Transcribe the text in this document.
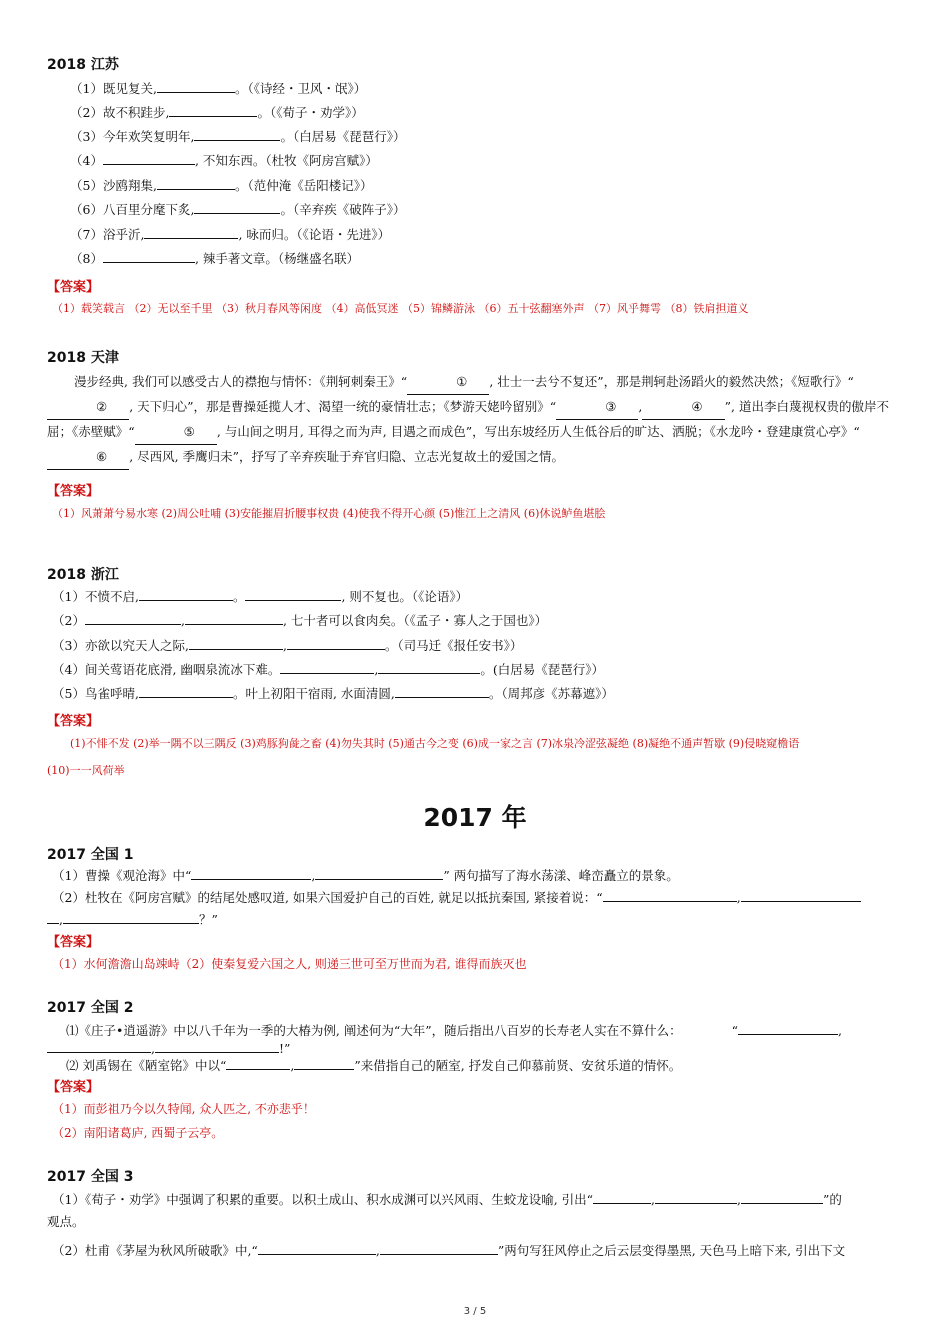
2018 江苏
（1）既见复关,	。（《诗经・卫风・氓》）
（2）故不积跬步,	。（《荀子・劝学》）
（3）今年欢笑复明年,	。（白居易《琵琶行》）
（4）	, 不知东西。（杜牧《阿房宫赋》）
（5）沙鸥翔集,	。（范仲淹《岳阳楼记》）
（6）八百里分麾下炙,	。（辛弃疾《破阵子》）
（7）浴乎沂,	, 咏而归。（《论语・先进》）
（8）	, 辣手著文章。（杨继盛名联）
【答案】
（1）载笑载言 （2）无以至千里 （3）秋月春风等闲度 （4）高低冥迷 （5）锦鳞游泳 （6）五十弦翻塞外声 （7）风乎舞雩 （8）铁肩担道义
2018 天津
漫步经典, 我们可以感受古人的襟抱与情怀：《荆轲刺秦王》“	① , 壮士一去兮不复还”，那是荆轲赴汤蹈火的毅然决然；《短歌行》“② , 天下归心”，那是曹操延揽人才、渴望一统的豪情壮志；《梦游天姥吟留别》“	③ ,	④ ”, 道出李白蔑视权贵的傲岸不屈；《赤壁赋》“	⑤ , 与山间之明月, 耳得之而为声, 目遇之而成色”，写出东坡经历人生低谷后的旷达、洒脱；《水龙吟・登建康赏心亭》“⑥ , 尽西风, 季鹰归未”，抒写了辛弃疾耻于弃官归隐、立志光复故土的爱国之情。
【答案】
（1）风萧萧兮易水寒 (2)周公吐哺 (3)安能摧眉折腰事权贵 (4)使我不得开心颜 (5)惟江上之清风 (6)休说鲈鱼堪脍
2018 浙江
（1）不愤不启,	。	, 则不复也。（《论语》）
（2）	,	, 七十者可以食肉矣。（《孟子・寡人之于国也》）
（3）亦欲以究天人之际,	,	。（司马迁《报任安书》）
（4）间关莺语花底滑, 幽咽泉流冰下难。	,	。(白居易《琵琶行》）
（5）鸟雀呼晴,	。叶上初阳干宿雨, 水面清圆,	。（周邦彦《苏幕遮》）
【答案】
(1)不悱不发 (2)举一隅不以三隅反 (3)鸡豚狗彘之畜 (4)勿失其时 (5)通古今之变 (6)成一家之言 (7)冰泉冷涩弦凝绝 (8)凝绝不通声暂歇 (9)侵晓窥檐语
(10)一一风荷举
2017 年
2017 全国 1
（1）曹操《观沧海》中“	,	” 两句描写了海水荡漾、峰峦矗立的景象。
（2）杜牧在《阿房宫赋》的结尾处感叹道, 如果六国爱护自己的百姓, 就足以抵抗秦国, 紧接着说：“	,
,	？”
【答案】
（1）水何澹澹山岛竦峙（2）使秦复爱六国之人, 则递三世可至万世而为君, 谁得而族灭也
2017 全国 2
⑴《庄子•逍遥游》中以八千年为一季的大椿为例, 阐述何为“大年”，随后指出八百岁的长寿老人实在不算什么：	“	,
,	!”
⑵ 刘禹锡在《陋室铭》中以“	,	”来借指自己的陋室, 抒发自己仰慕前贤、安贫乐道的情怀。
【答案】
（1）而彭祖乃今以久特闻, 众人匹之, 不亦悲乎！
（2）南阳诸葛庐, 西蜀子云亭。
2017 全国 3
（1）《荀子・劝学》中强调了积累的重要。以积土成山、积水成渊可以兴风雨、生蛟龙设喻, 引出“	,	,	”的
观点。
（2）杜甫《茅屋为秋风所破歌》中,“	,	”两句写狂风停止之后云层变得墨黑, 天色马上暗下来, 引出下文
3 / 5
